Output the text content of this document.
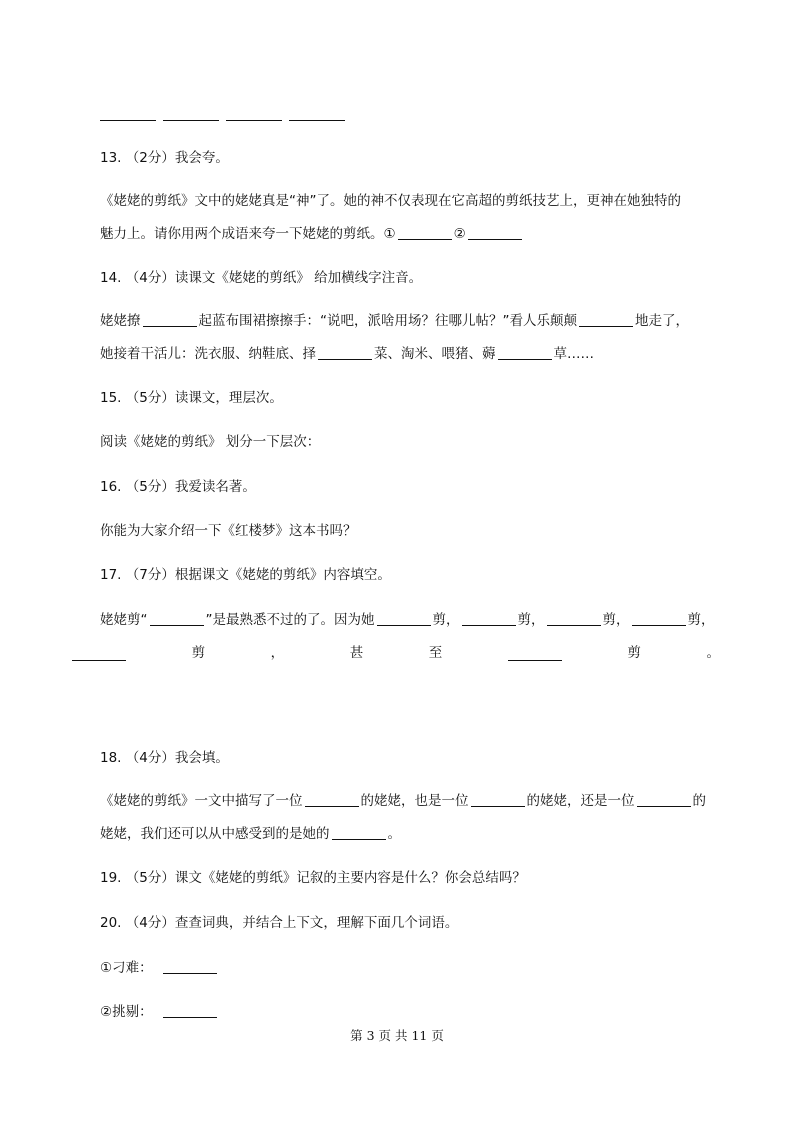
13. （2分）我会夸。
《姥姥的剪纸》文中的姥姥真是“神”了。她的神不仅表现在它高超的剪纸技艺上，更神在她独特的
魅力上。请你用两个成语来夸一下姥姥的剪纸。①	②
14. （4分）读课文《姥姥的剪纸》 给加横线字注音。
姥姥撩	起蓝布围裙擦擦手：“说吧，派啥用场？往哪儿帖？”看人乐颠颠	地走了，
她接着干活儿：洗衣服、纳鞋底、择	菜、淘米、喂猪、薅	草……
15. （5分）读课文，理层次。
阅读《姥姥的剪纸》 划分一下层次：
16. （5分）我爱读名著。
你能为大家介绍一下《红楼梦》这本书吗？
17. （7分）根据课文《姥姥的剪纸》内容填空。
姥姥剪“	”是最熟悉不过的了。因为她	剪，	剪，	剪，	剪，
剪	，	甚	至	剪	。
18. （4分）我会填。
《姥姥的剪纸》一文中描写了一位	的姥姥，也是一位	的姥姥，还是一位	的
姥姥，我们还可以从中感受到的是她的	。
19. （5分）课文《姥姥的剪纸》记叙的主要内容是什么？你会总结吗？
20. （4分）查查词典，并结合上下文，理解下面几个词语。
①刁难：
②挑剔：
第 3 页 共 11 页
